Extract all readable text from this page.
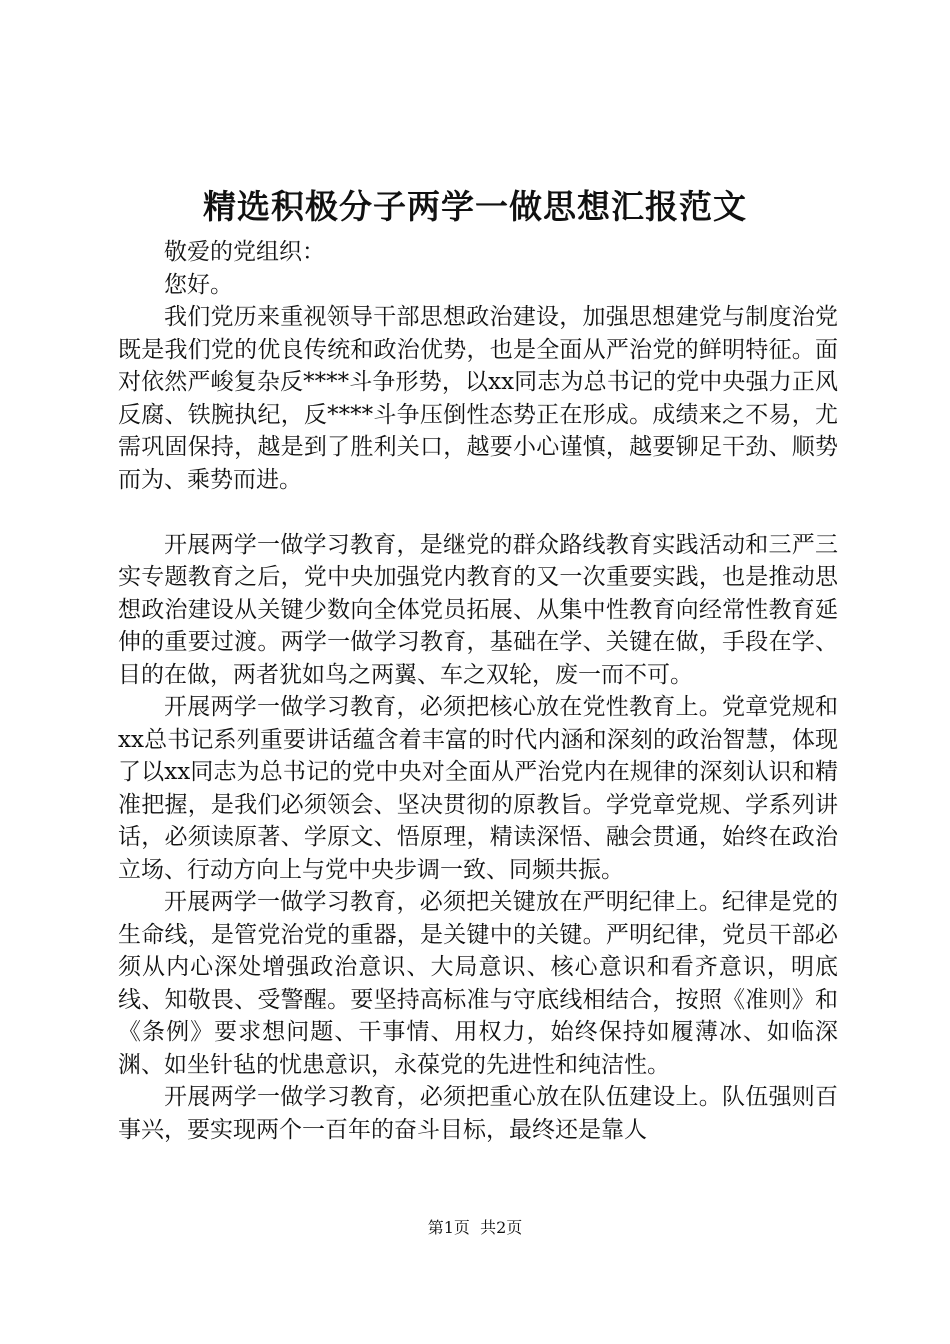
精选积极分子两学一做思想汇报范文

敬爱的党组织：

您好。

我们党历来重视领导干部思想政治建设，加强思想建党与制度治党既是我们党的优良传统和政治优势，也是全面从严治党的鲜明特征。面对依然严峻复杂反****斗争形势，以xx同志为总书记的党中央强力正风反腐、铁腕执纪，反****斗争压倒性态势正在形成。成绩来之不易，尤需巩固保持，越是到了胜利关口，越要小心谨慎，越要铆足干劲、顺势而为、乘势而进。

开展两学一做学习教育，是继党的群众路线教育实践活动和三严三实专题教育之后，党中央加强党内教育的又一次重要实践，也是推动思想政治建设从关键少数向全体党员拓展、从集中性教育向经常性教育延伸的重要过渡。两学一做学习教育，基础在学、关键在做，手段在学、目的在做，两者犹如鸟之两翼、车之双轮，废一而不可。

开展两学一做学习教育，必须把核心放在党性教育上。党章党规和xx总书记系列重要讲话蕴含着丰富的时代内涵和深刻的政治智慧，体现了以xx同志为总书记的党中央对全面从严治党内在规律的深刻认识和精准把握，是我们必须领会、坚决贯彻的原教旨。学党章党规、学系列讲话，必须读原著、学原文、悟原理，精读深悟、融会贯通，始终在政治立场、行动方向上与党中央步调一致、同频共振。

开展两学一做学习教育，必须把关键放在严明纪律上。纪律是党的生命线，是管党治党的重器，是关键中的关键。严明纪律，党员干部必须从内心深处增强政治意识、大局意识、核心意识和看齐意识，明底线、知敬畏、受警醒。要坚持高标准与守底线相结合，按照《准则》和《条例》要求想问题、干事情、用权力，始终保持如履薄冰、如临深渊、如坐针毡的忧患意识，永葆党的先进性和纯洁性。

开展两学一做学习教育，必须把重心放在队伍建设上。队伍强则百事兴，要实现两个一百年的奋斗目标，最终还是靠人

第1页  共2页
